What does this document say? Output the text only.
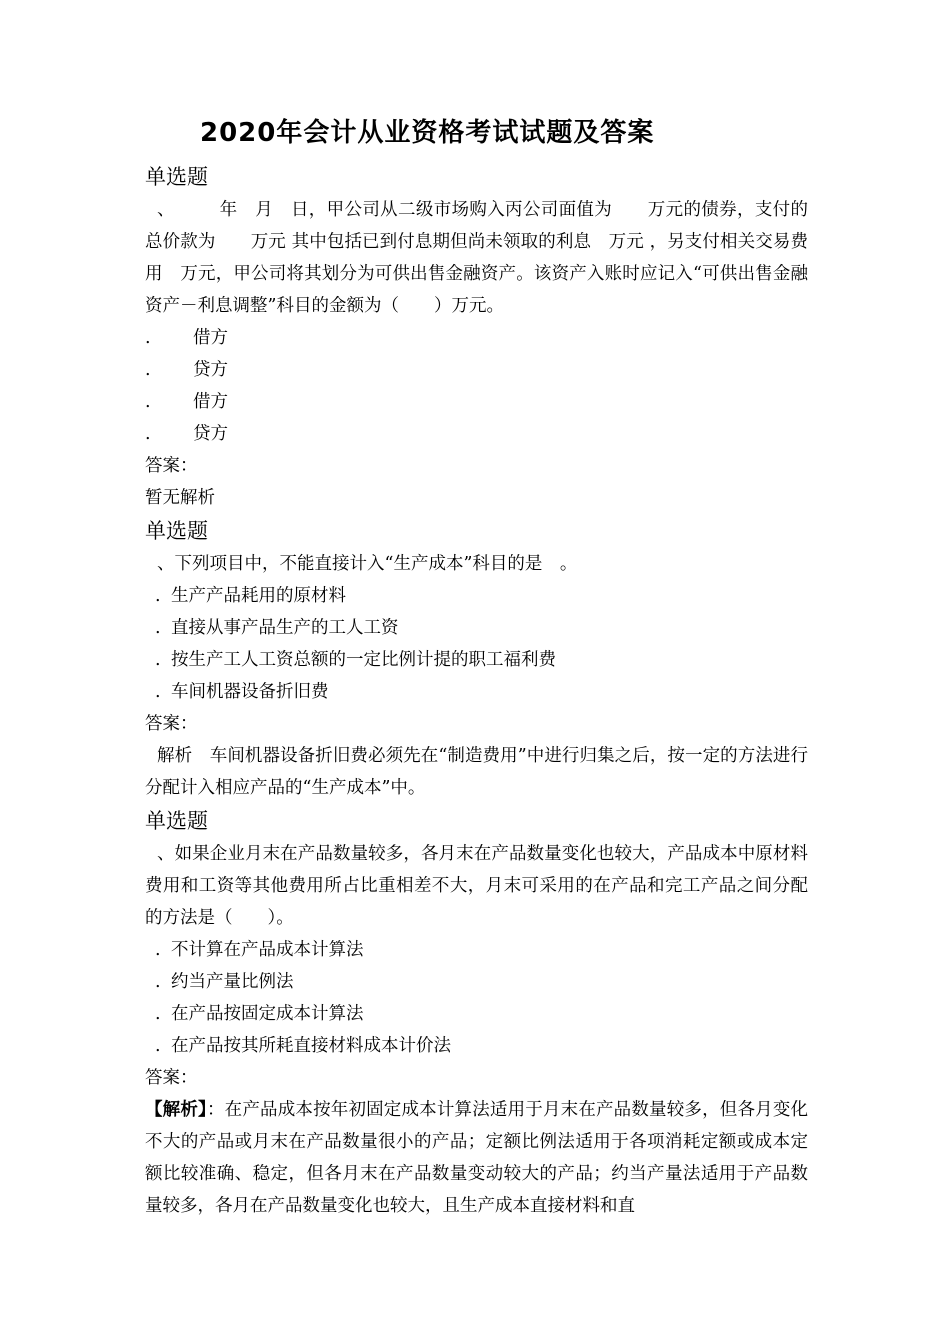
2020年会计从业资格考试试题及答案
单选题
、　　　年　月　日，甲公司从二级市场购入丙公司面值为　　万元的债券，支付的总价款为　　万元 其中包括已到付息期但尚未领取的利息　万元 ，另支付相关交易费用　万元，甲公司将其划分为可供出售金融资产。该资产入账时应记入“可供出售金融资产－利息调整”科目的金额为（　　）万元。
. 借方
. 贷方
. 借方
. 贷方
答案：
暂无解析
单选题
、下列项目中，不能直接计入“生产成本”科目的是　。
. 生产产品耗用的原材料
. 直接从事产品生产的工人工资
. 按生产工人工资总额的一定比例计提的职工福利费
. 车间机器设备折旧费
答案：
解析　车间机器设备折旧费必须先在“制造费用”中进行归集之后，按一定的方法进行分配计入相应产品的“生产成本”中。
单选题
、如果企业月末在产品数量较多，各月末在产品数量变化也较大，产品成本中原材料费用和工资等其他费用所占比重相差不大，月末可采用的在产品和完工产品之间分配的方法是（　　）。
. 不计算在产品成本计算法
. 约当产量比例法
. 在产品按固定成本计算法
. 在产品按其所耗直接材料成本计价法
答案：
【解析】：在产品成本按年初固定成本计算法适用于月末在产品数量较多，但各月变化不大的产品或月末在产品数量很小的产品；定额比例法适用于各项消耗定额或成本定额比较准确、稳定，但各月末在产品数量变动较大的产品；约当产量法适用于产品数量较多，各月在产品数量变化也较大，且生产成本直接材料和直
